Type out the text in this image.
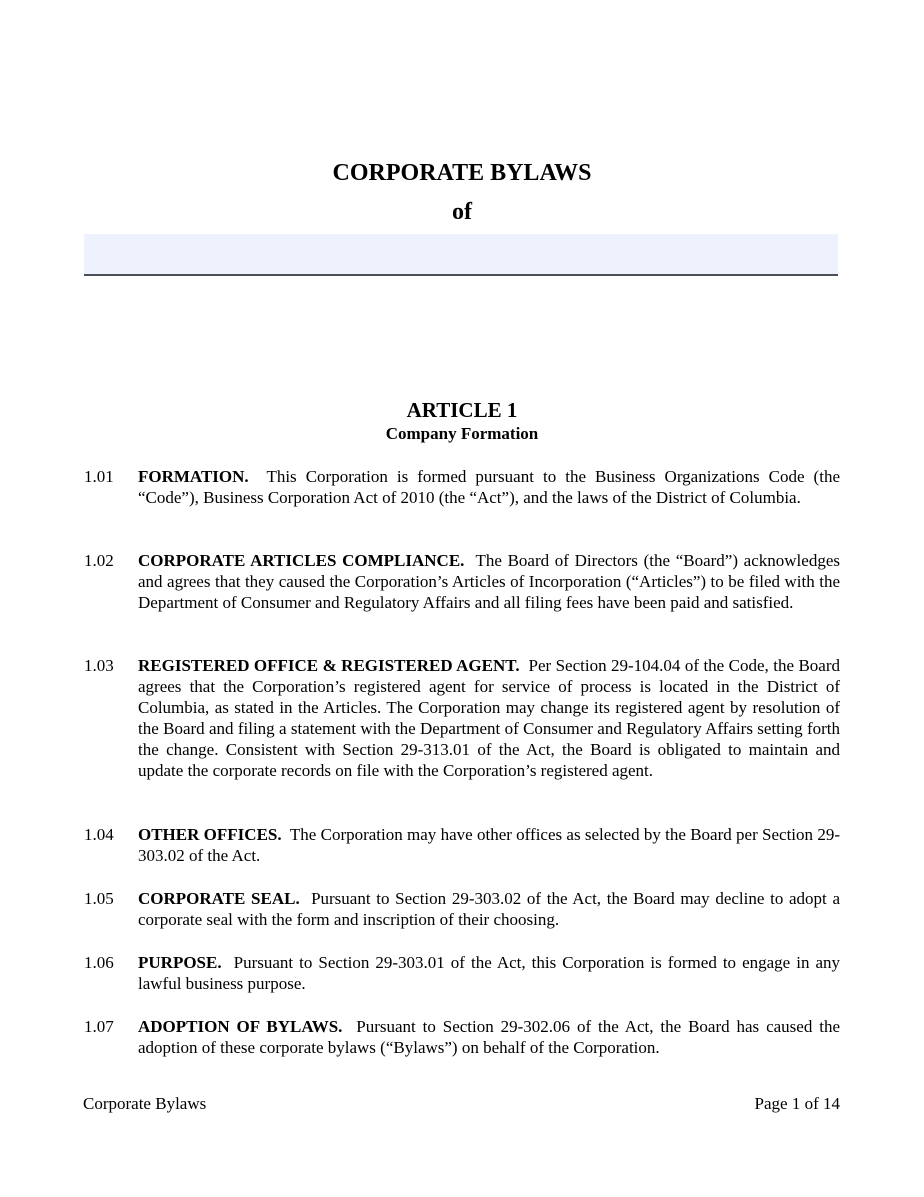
CORPORATE BYLAWS
of
ARTICLE 1
Company Formation
1.01	FORMATION. This Corporation is formed pursuant to the Business Organizations Code (the “Code”), Business Corporation Act of 2010 (the “Act”), and the laws of the District of Columbia.
1.02	CORPORATE ARTICLES COMPLIANCE. The Board of Directors (the “Board”) acknowledges and agrees that they caused the Corporation’s Articles of Incorporation (“Articles”) to be filed with the Department of Consumer and Regulatory Affairs and all filing fees have been paid and satisfied.
1.03	REGISTERED OFFICE & REGISTERED AGENT. Per Section 29-104.04 of the Code, the Board agrees that the Corporation’s registered agent for service of process is located in the District of Columbia, as stated in the Articles. The Corporation may change its registered agent by resolution of the Board and filing a statement with the Department of Consumer and Regulatory Affairs setting forth the change. Consistent with Section 29-313.01 of the Act, the Board is obligated to maintain and update the corporate records on file with the Corporation’s registered agent.
1.04	OTHER OFFICES. The Corporation may have other offices as selected by the Board per Section 29-303.02 of the Act.
1.05	CORPORATE SEAL. Pursuant to Section 29-303.02 of the Act, the Board may decline to adopt a corporate seal with the form and inscription of their choosing.
1.06	PURPOSE. Pursuant to Section 29-303.01 of the Act, this Corporation is formed to engage in any lawful business purpose.
1.07	ADOPTION OF BYLAWS. Pursuant to Section 29-302.06 of the Act, the Board has caused the adoption of these corporate bylaws (“Bylaws”) on behalf of the Corporation.
Corporate Bylaws	Page 1 of 14
